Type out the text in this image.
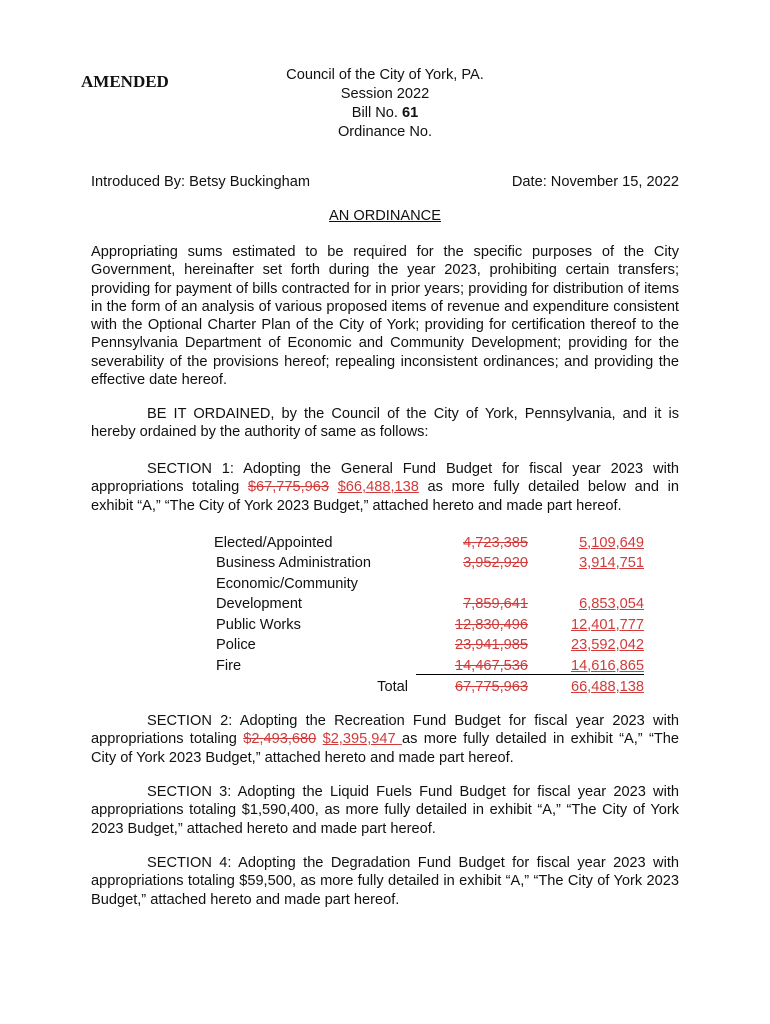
AMENDED	Council of the City of York, PA.
Session 2022
Bill No. 61
Ordinance No.
Introduced By: Betsy Buckingham	Date: November 15, 2022
AN ORDINANCE
Appropriating sums estimated to be required for the specific purposes of the City Government, hereinafter set forth during the year 2023, prohibiting certain transfers; providing for payment of bills contracted for in prior years; providing for distribution of items in the form of an analysis of various proposed items of revenue and expenditure consistent with the Optional Charter Plan of the City of York; providing for certification thereof to the Pennsylvania Department of Economic and Community Development; providing for the severability of the provisions hereof; repealing inconsistent ordinances; and providing the effective date hereof.
BE IT ORDAINED, by the Council of the City of York, Pennsylvania, and it is hereby ordained by the authority of same as follows:
SECTION 1: Adopting the General Fund Budget for fiscal year 2023 with appropriations totaling $67,775,963 $66,488,138 as more fully detailed below and in exhibit “A,” “The City of York 2023 Budget,” attached hereto and made part hereof.
Elected/Appointed	4,723,385	5,109,649
Business Administration	3,952,920	3,914,751
Economic/Community		
Development	7,859,641	6,853,054
Public Works	12,830,496	12,401,777
Police	23,941,985	23,592,042
Fire	14,467,536	14,616,865
Total	67,775,963	66,488,138
SECTION 2: Adopting the Recreation Fund Budget for fiscal year 2023 with appropriations totaling $2,493,680 $2,395,947 as more fully detailed in exhibit “A,” “The City of York 2023 Budget,” attached hereto and made part hereof.
SECTION 3: Adopting the Liquid Fuels Fund Budget for fiscal year 2023 with appropriations totaling $1,590,400, as more fully detailed in exhibit “A,” “The City of York 2023 Budget,” attached hereto and made part hereof.
SECTION 4: Adopting the Degradation Fund Budget for fiscal year 2023 with appropriations totaling $59,500, as more fully detailed in exhibit “A,” “The City of York 2023 Budget,” attached hereto and made part hereof.
